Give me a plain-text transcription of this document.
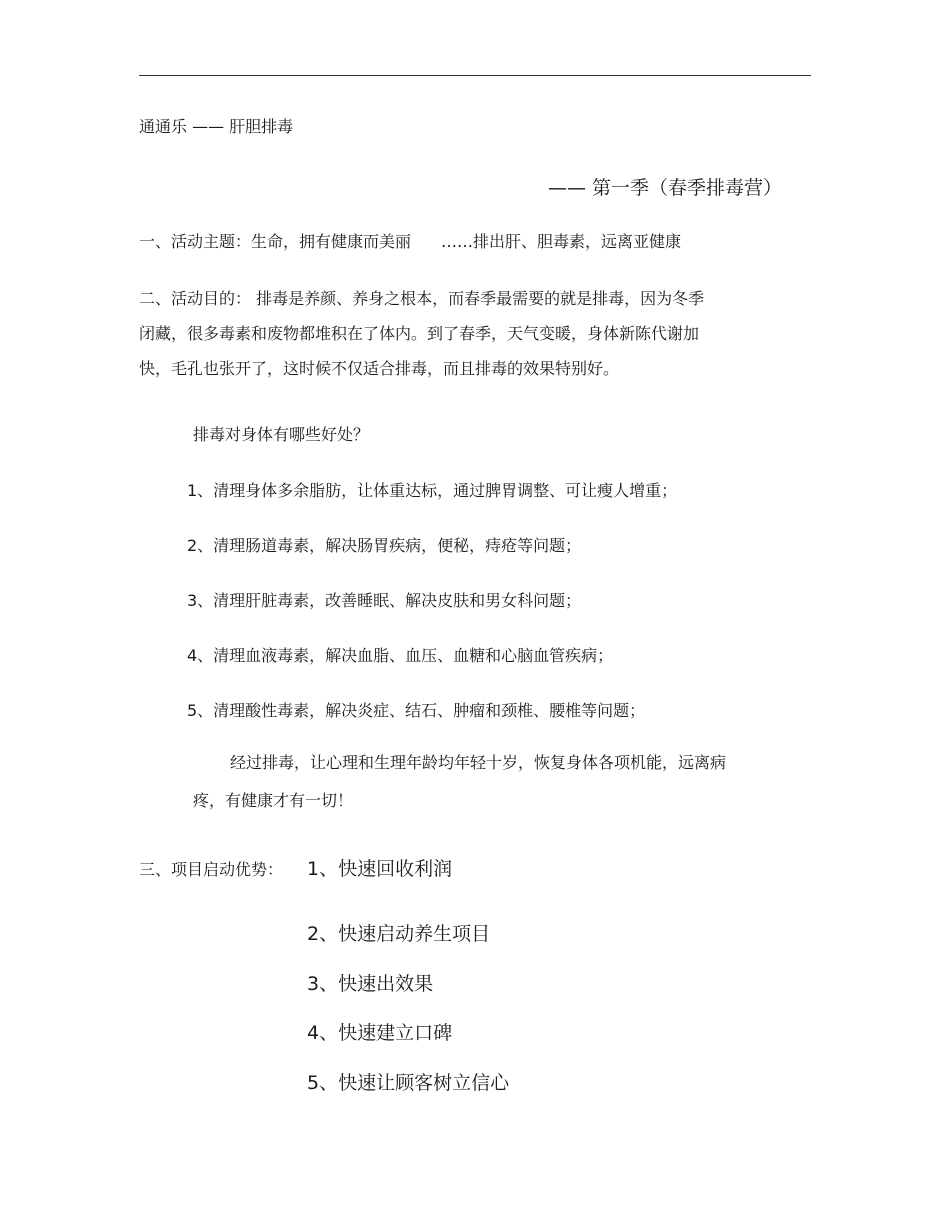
通通乐 —— 肝胆排毒
—— 第一季（春季排毒营）
一、活动主题：生命，拥有健康而美丽 ……排出肝、胆毒素，远离亚健康
二、活动目的： 排毒是养颜、养身之根本，而春季最需要的就是排毒，因为冬季
闭藏，很多毒素和废物都堆积在了体内。到了春季，天气变暖，身体新陈代谢加
快，毛孔也张开了，这时候不仅适合排毒，而且排毒的效果特别好。
排毒对身体有哪些好处？
1、清理身体多余脂肪，让体重达标，通过脾胃调整、可让瘦人增重；
2、清理肠道毒素，解决肠胃疾病，便秘，痔疮等问题；
3、清理肝脏毒素，改善睡眠、解决皮肤和男女科问题；
4、清理血液毒素，解决血脂、血压、血糖和心脑血管疾病；
5、清理酸性毒素，解决炎症、结石、肿瘤和颈椎、腰椎等问题；
经过排毒，让心理和生理年龄均年轻十岁，恢复身体各项机能，远离病
疼，有健康才有一切！
三、项目启动优势： 1、快速回收利润
2、快速启动养生项目
3、快速出效果
4、快速建立口碑
5、快速让顾客树立信心
